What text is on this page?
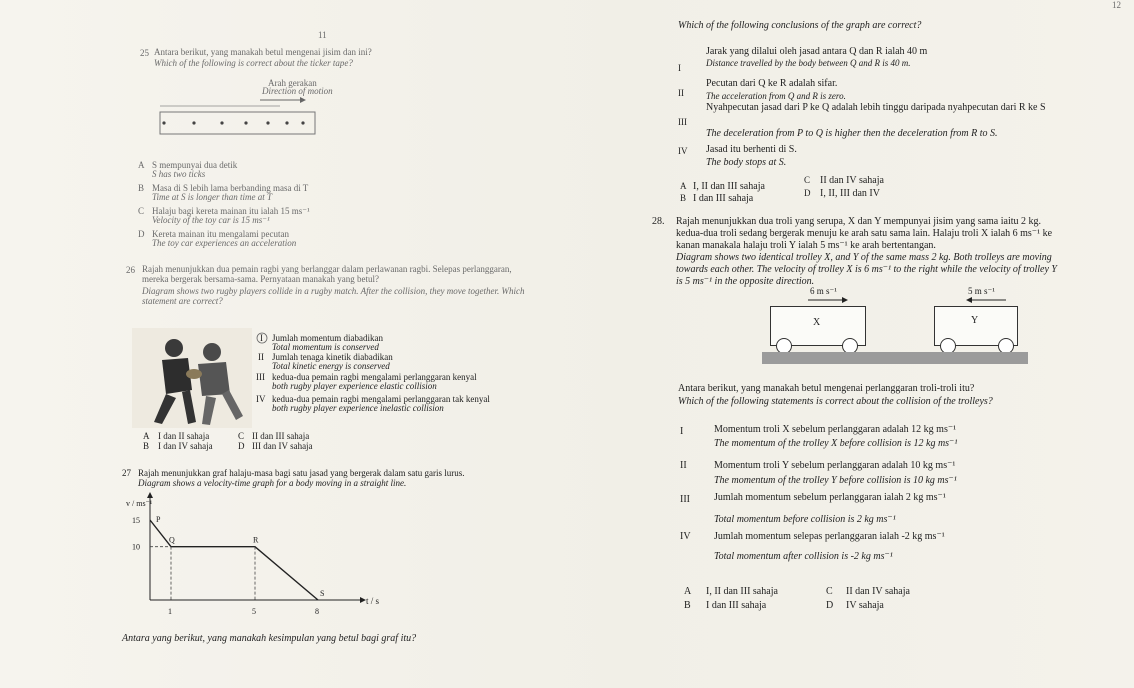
11
12
25 Antara berikut, yang manakah betul mengenai jisim dan ini?
Which of the following is correct about the ticker tape?
Arah gerakan
Direction of motion
A S mempunyai dua detik
S has two ticks
B Masa di S lebih lama berbanding masa di T
Time at S is longer than time at T
C Halaju bagi kereta mainan itu ialah 15 ms⁻¹
Velocity of the toy car is 15 ms⁻¹
D Kereta mainan itu mengalami pecutan
The toy car experiences an acceleration
26 Rajah menunjukkan dua pemain ragbi yang berlanggar dalam perlawanan ragbi. Selepas perlanggaran, mereka bergerak bersama-sama. Pernyataan manakah yang betul?
Diagram shows two rugby players collide in a rugby match. After the collision, they move together. Which statement are correct?
I Jumlah momentum diabadikan
Total momentum is conserved
II Jumlah tenaga kinetik diabadikan
Total kinetic energy is conserved
III kedua-dua pemain ragbi mengalami perlanggaran kenyal
both rugby player experience elastic collision
IV kedua-dua pemain ragbi mengalami perlanggaran tak kenyal
both rugby player experience inelastic collision
A I dan II sahaja
B I dan IV sahaja
C II dan III sahaja
D III dan IV sahaja
27 Rajah menunjukkan graf halaju-masa bagi satu jasad yang bergerak dalam satu garis lurus.
Diagram shows a velocity-time graph for a body moving in a straight line.
v / ms⁻¹
t / s
10
15
1	5	8
P
Q	R
S
Antara yang berikut, yang manakah kesimpulan yang betul bagi graf itu?
Which of the following conclusions of the graph are correct?
I
Jarak yang dilalui oleh jasad antara Q dan R ialah 40 m
Distance travelled by the body between Q and R is 40 m.
II
Pecutan dari Q ke R adalah sifar.
The acceleration from Q and R is zero.
III
Nyahpecutan jasad dari P ke Q adalah lebih tinggu daripada nyahpecutan dari R ke S
The deceleration from P to Q is higher then the deceleration from R to S.
IV Jasad itu berhenti di S.
The body stops at S.
A I, II dan III sahaja
B I dan III sahaja
C II dan IV sahaja
D I, II, III dan IV
28. Rajah menunjukkan dua troli yang serupa, X dan Y mempunyai jisim yang sama iaitu 2 kg.
kedua-dua troli sedang bergerak menuju ke arah satu sama lain. Halaju troli X ialah 6 ms⁻¹ ke
kanan manakala halaju troli Y ialah 5 ms⁻¹ ke arah bertentangan.
Diagram shows two identical trolley X, and Y of the same mass 2 kg. Both trolleys are moving
towards each other. The velocity of trolley X is 6 ms⁻¹ to the right while the velocity of trolley Y
is 5 ms⁻¹ in the opposite direction.
6 m s⁻¹	5 m s⁻¹
X	Y
Antara berikut, yang manakah betul mengenai perlanggaran troli-troli itu?
Which of the following statements is correct about the collision of the trolleys?
I	Momentum troli X sebelum perlanggaran adalah 12 kg ms⁻¹
The momentum of the trolley X before collision is 12 kg ms⁻¹
II	Momentum troli Y sebelum perlanggaran adalah 10 kg ms⁻¹
The momentum of the trolley Y before collision is 10 kg ms⁻¹
III Jumlah momentum sebelum perlanggaran ialah 2 kg ms⁻¹
Total momentum before collision is 2 kg ms⁻¹
IV Jumlah momentum selepas perlanggaran ialah -2 kg ms⁻¹
Total momentum after collision is -2 kg ms⁻¹
A I, II dan III sahaja
B I dan III sahaja
C II dan IV sahaja
D IV sahaja
